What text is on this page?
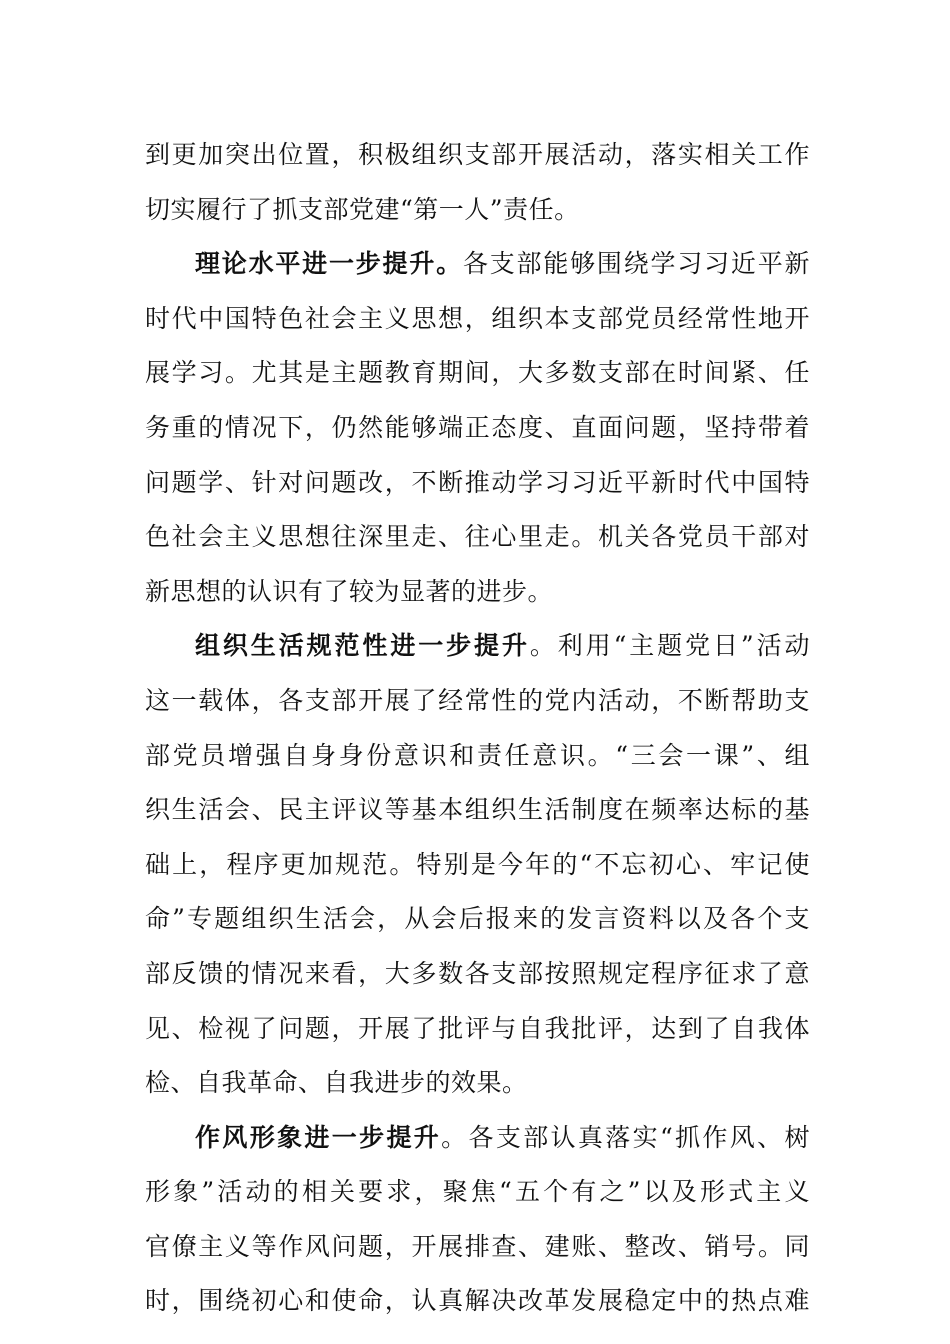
到更加突出位置，积极组织支部开展活动，落实相关工作
切实履行了抓支部党建“第一人”责任。
理论水平进一步提升。各支部能够围绕学习习近平新
时代中国特色社会主义思想，组织本支部党员经常性地开
展学习。尤其是主题教育期间，大多数支部在时间紧、任
务重的情况下，仍然能够端正态度、直面问题，坚持带着
问题学、针对问题改，不断推动学习习近平新时代中国特
色社会主义思想往深里走、往心里走。机关各党员干部对
新思想的认识有了较为显著的进步。
组织生活规范性进一步提升。利用“主题党日”活动
这一载体，各支部开展了经常性的党内活动，不断帮助支
部党员增强自身身份意识和责任意识。“三会一课”、组
织生活会、民主评议等基本组织生活制度在频率达标的基
础上，程序更加规范。特别是今年的“不忘初心、牢记使
命”专题组织生活会，从会后报来的发言资料以及各个支
部反馈的情况来看，大多数各支部按照规定程序征求了意
见、检视了问题，开展了批评与自我批评，达到了自我体
检、自我革命、自我进步的效果。
作风形象进一步提升。各支部认真落实“抓作风、树
形象”活动的相关要求，聚焦“五个有之”以及形式主义
官僚主义等作风问题，开展排查、建账、整改、销号。同
时，围绕初心和使命，认真解决改革发展稳定中的热点难
